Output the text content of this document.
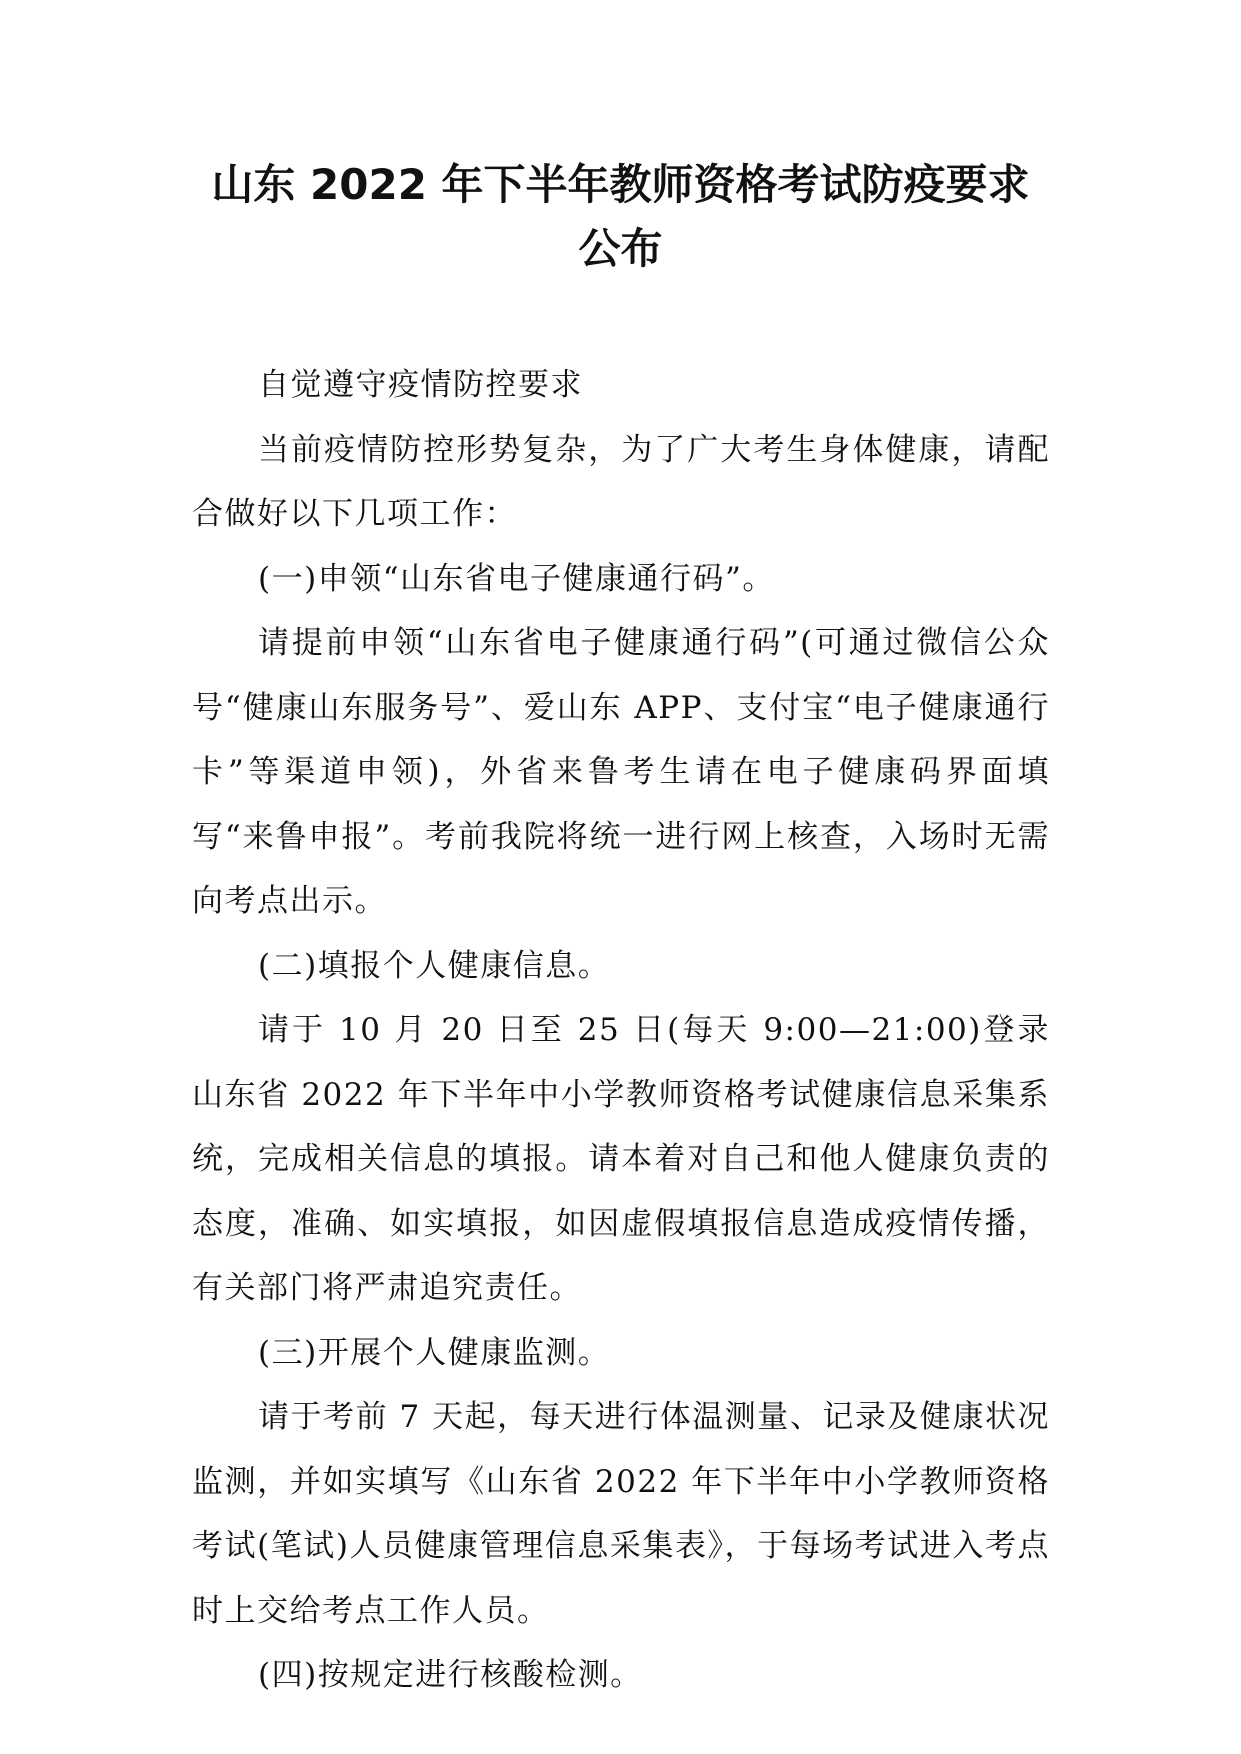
山东 2022 年下半年教师资格考试防疫要求
公布

自觉遵守疫情防控要求

当前疫情防控形势复杂，为了广大考生身体健康，请配合做好以下几项工作：

(一)申领“山东省电子健康通行码”。

请提前申领“山东省电子健康通行码”(可通过微信公众号“健康山东服务号”、爱山东 APP、支付宝“电子健康通行卡”等渠道申领)，外省来鲁考生请在电子健康码界面填写“来鲁申报”。考前我院将统一进行网上核查，入场时无需向考点出示。

(二)填报个人健康信息。

请于 10 月 20 日至 25 日(每天 9:00—21:00)登录山东省 2022 年下半年中小学教师资格考试健康信息采集系统，完成相关信息的填报。请本着对自己和他人健康负责的态度，准确、如实填报，如因虚假填报信息造成疫情传播，有关部门将严肃追究责任。

(三)开展个人健康监测。

请于考前 7 天起，每天进行体温测量、记录及健康状况监测，并如实填写《山东省 2022 年下半年中小学教师资格考试(笔试)人员健康管理信息采集表》，于每场考试进入考点时上交给考点工作人员。

(四)按规定进行核酸检测。
